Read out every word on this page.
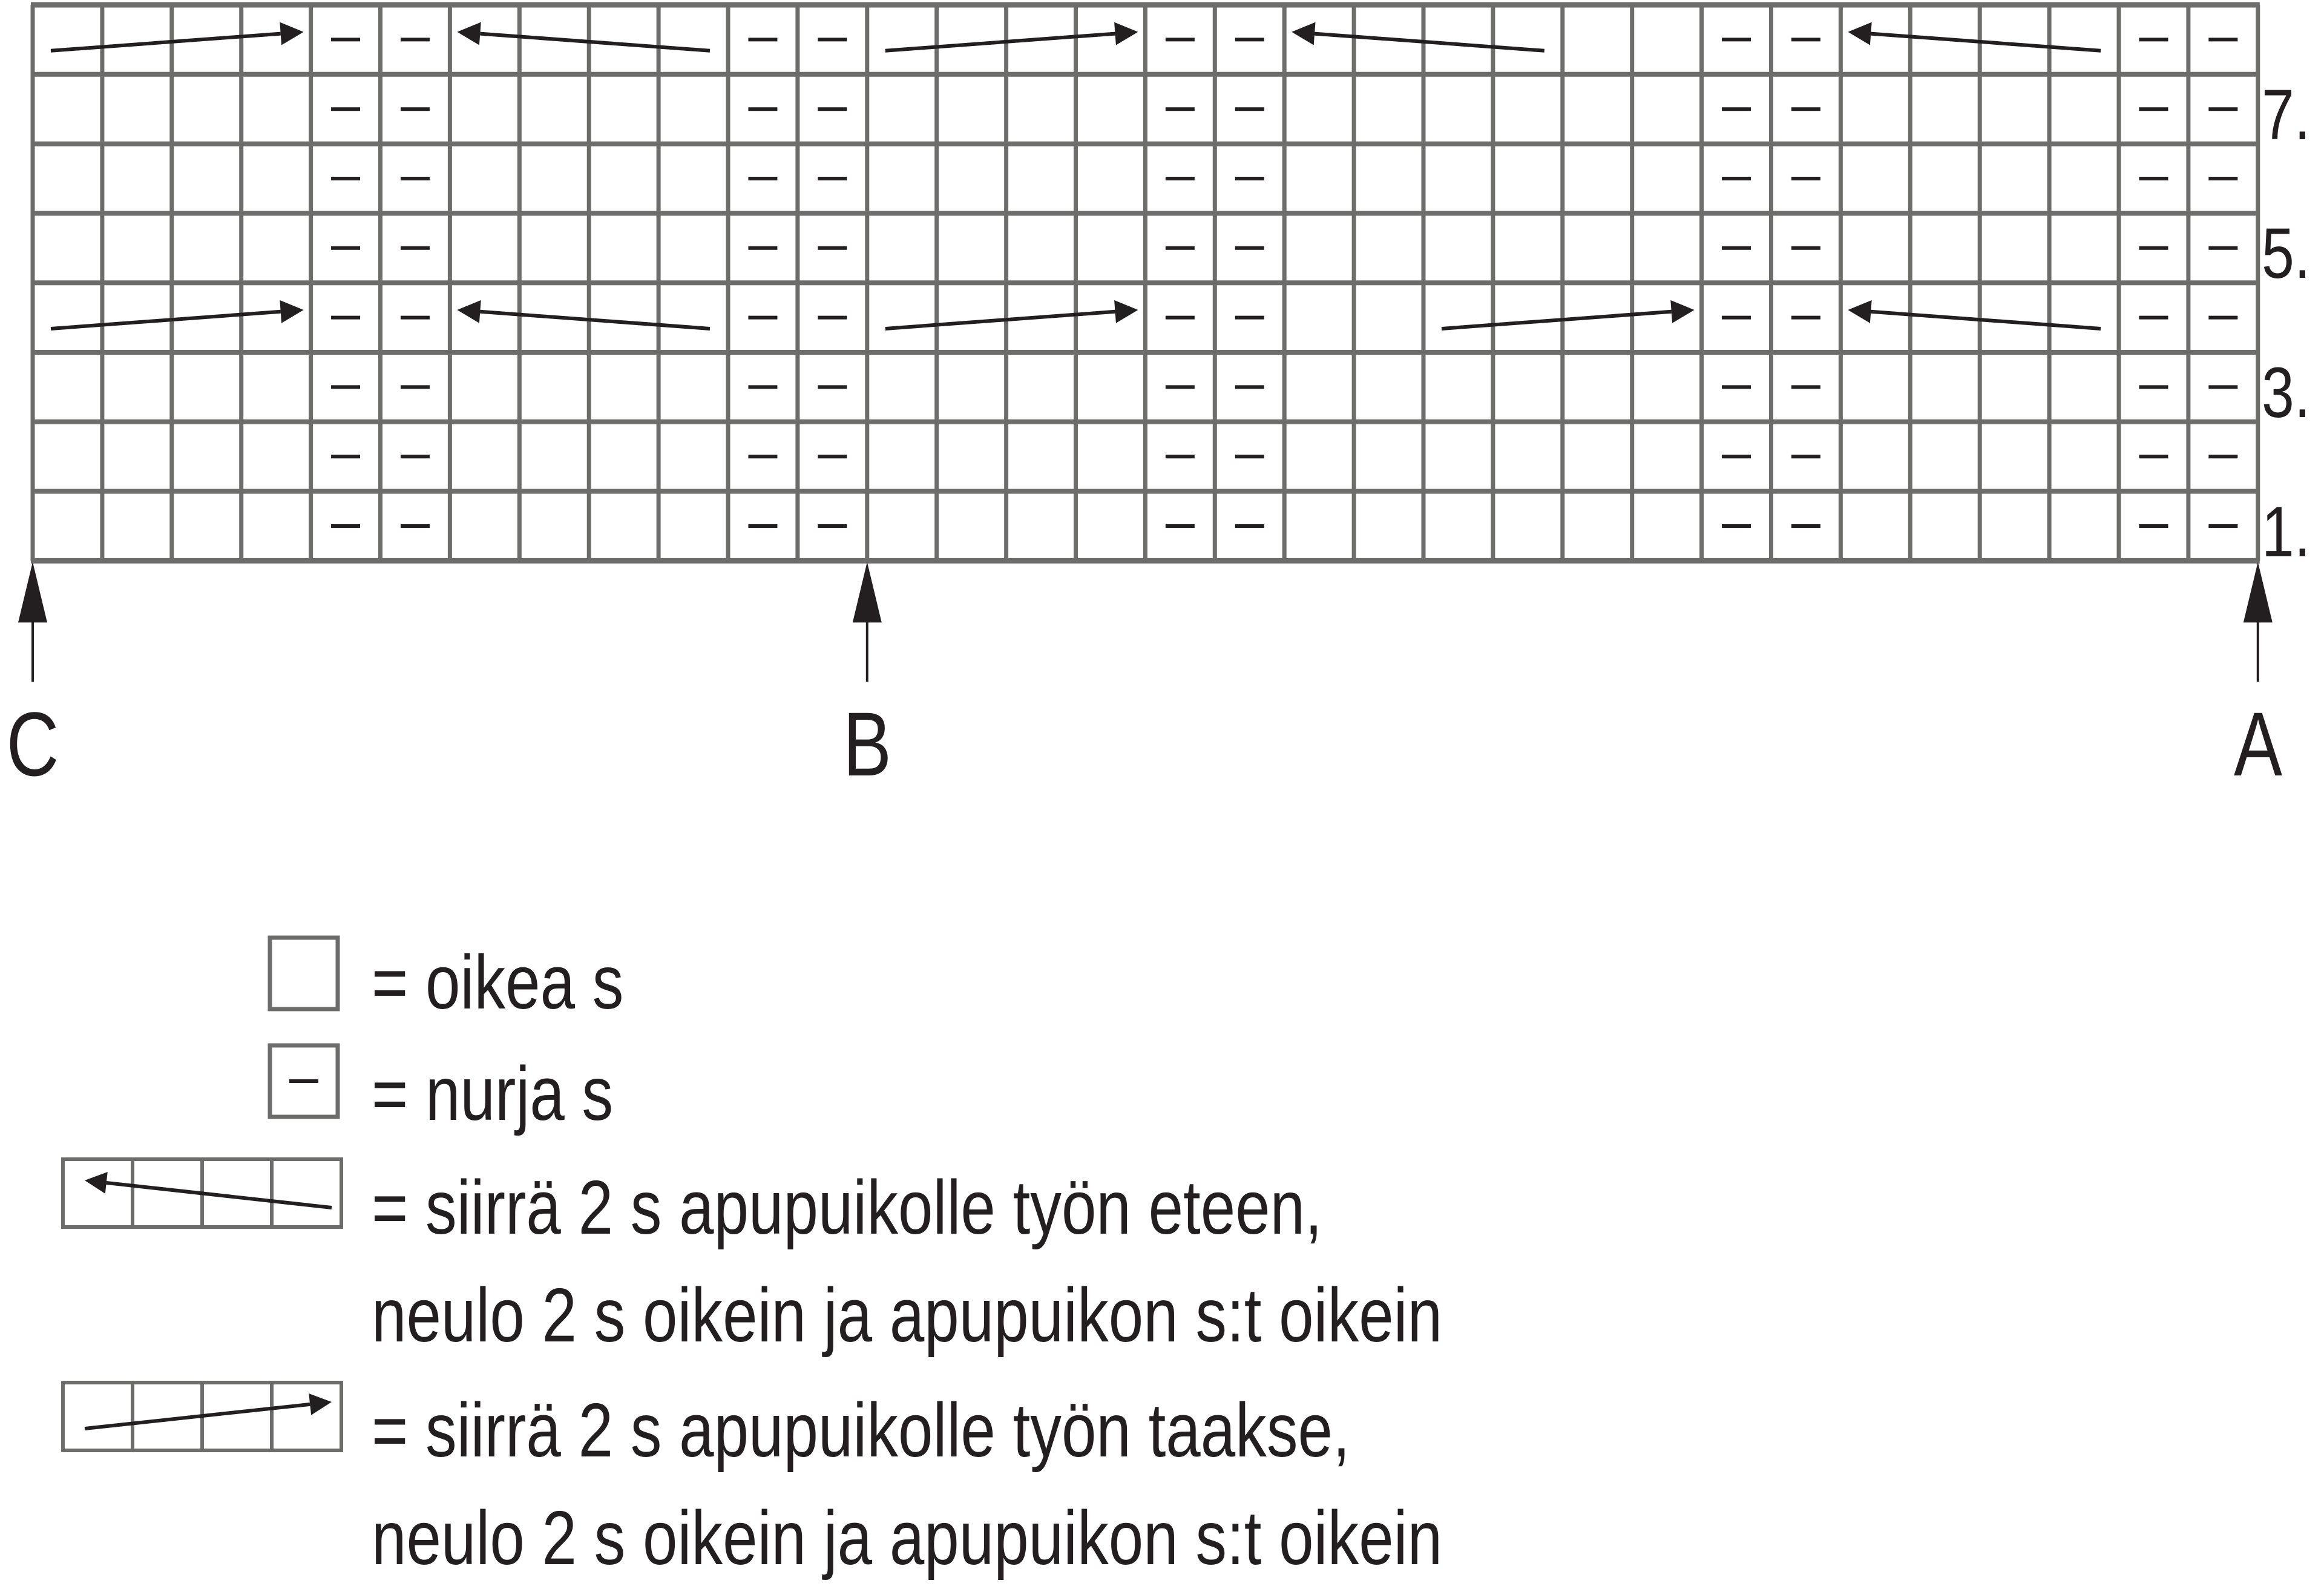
1.
3.
5.
7.
C	B	A
= oikea s
= nurja s
= siirrä 2 s apupuikolle työn eteen,
neulo 2 s oikein ja apupuikon s:t oikein
= siirrä 2 s apupuikolle työn taakse,
neulo 2 s oikein ja apupuikon s:t oikein
